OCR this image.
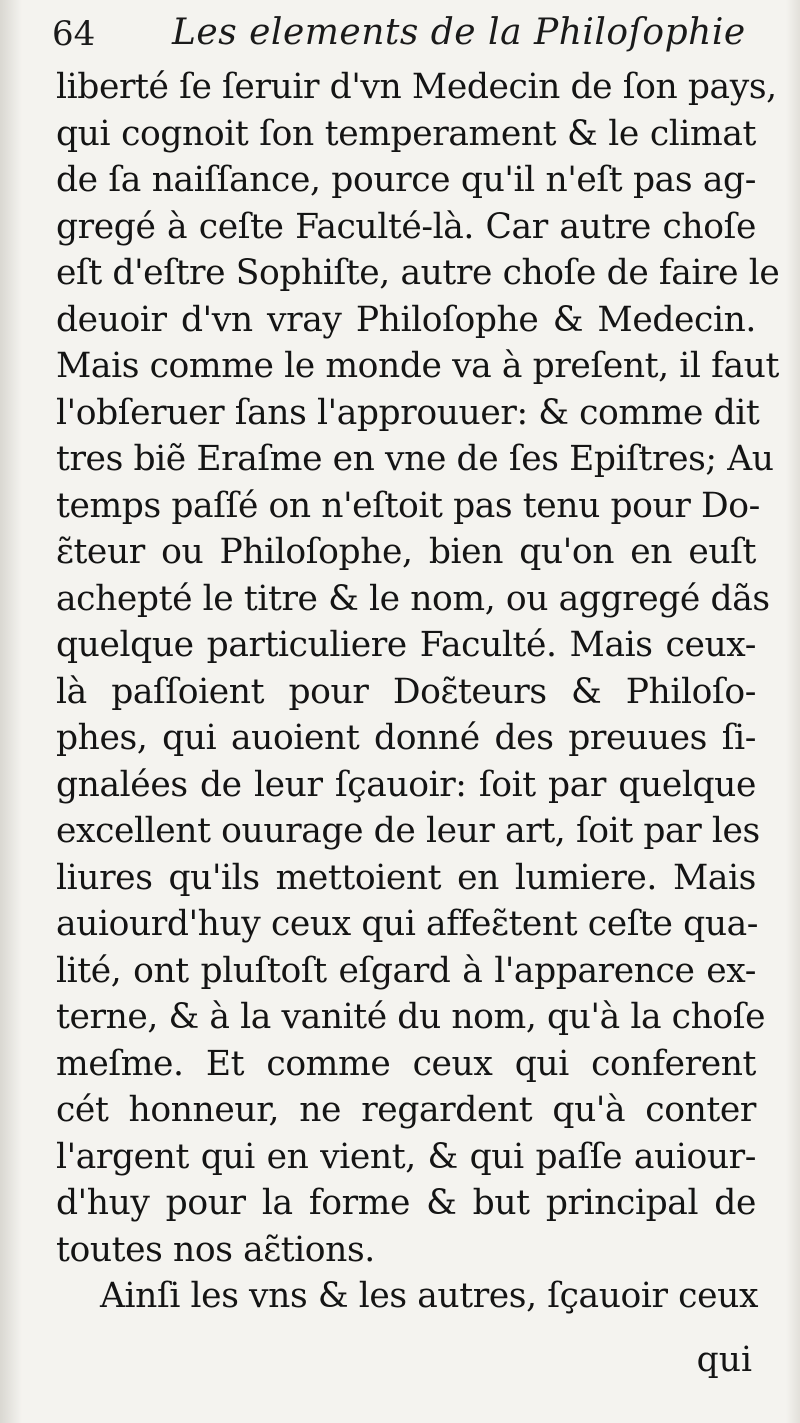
64 Les elements de la Philoſophie
liberté ſe ſeruir d'vn Medecin de ſon pays,
qui cognoit ſon temperament & le climat
de ſa naiſſance, pource qu'il n'eſt pas ag-
gregé à ceſte Faculté-là. Car autre choſe
eſt d'eſtre Sophiſte, autre choſe de faire le
deuoir d'vn vray Philoſophe & Medecin.
Mais comme le monde va à preſent, il faut
l'obſeruer ſans l'approuuer: & comme dit
tres biẽ Eraſme en vne de ſes Epiſtres; Au
temps paſſé on n'eſtoit pas tenu pour Do-
ɛ̃teur ou Philoſophe, bien qu'on en euſt
achepté le titre & le nom, ou aggregé dãs
quelque particuliere Faculté. Mais ceux-
là paſſoient pour Doɛ̃teurs & Philoſo-
phes, qui auoient donné des preuues ſi-
gnalées de leur ſçauoir: ſoit par quelque
excellent ouurage de leur art, ſoit par les
liures qu'ils mettoient en lumiere. Mais
auiourd'huy ceux qui affeɛ̃tent ceſte qua-
lité, ont pluſtoſt eſgard à l'apparence ex-
terne, & à la vanité du nom, qu'à la choſe
meſme. Et comme ceux qui conferent
cét honneur, ne regardent qu'à conter
l'argent qui en vient, & qui paſſe auiour-
d'huy pour la forme & but principal de
toutes nos aɛ̃tions.
Ainſi les vns & les autres, ſçauoir ceux
qui
